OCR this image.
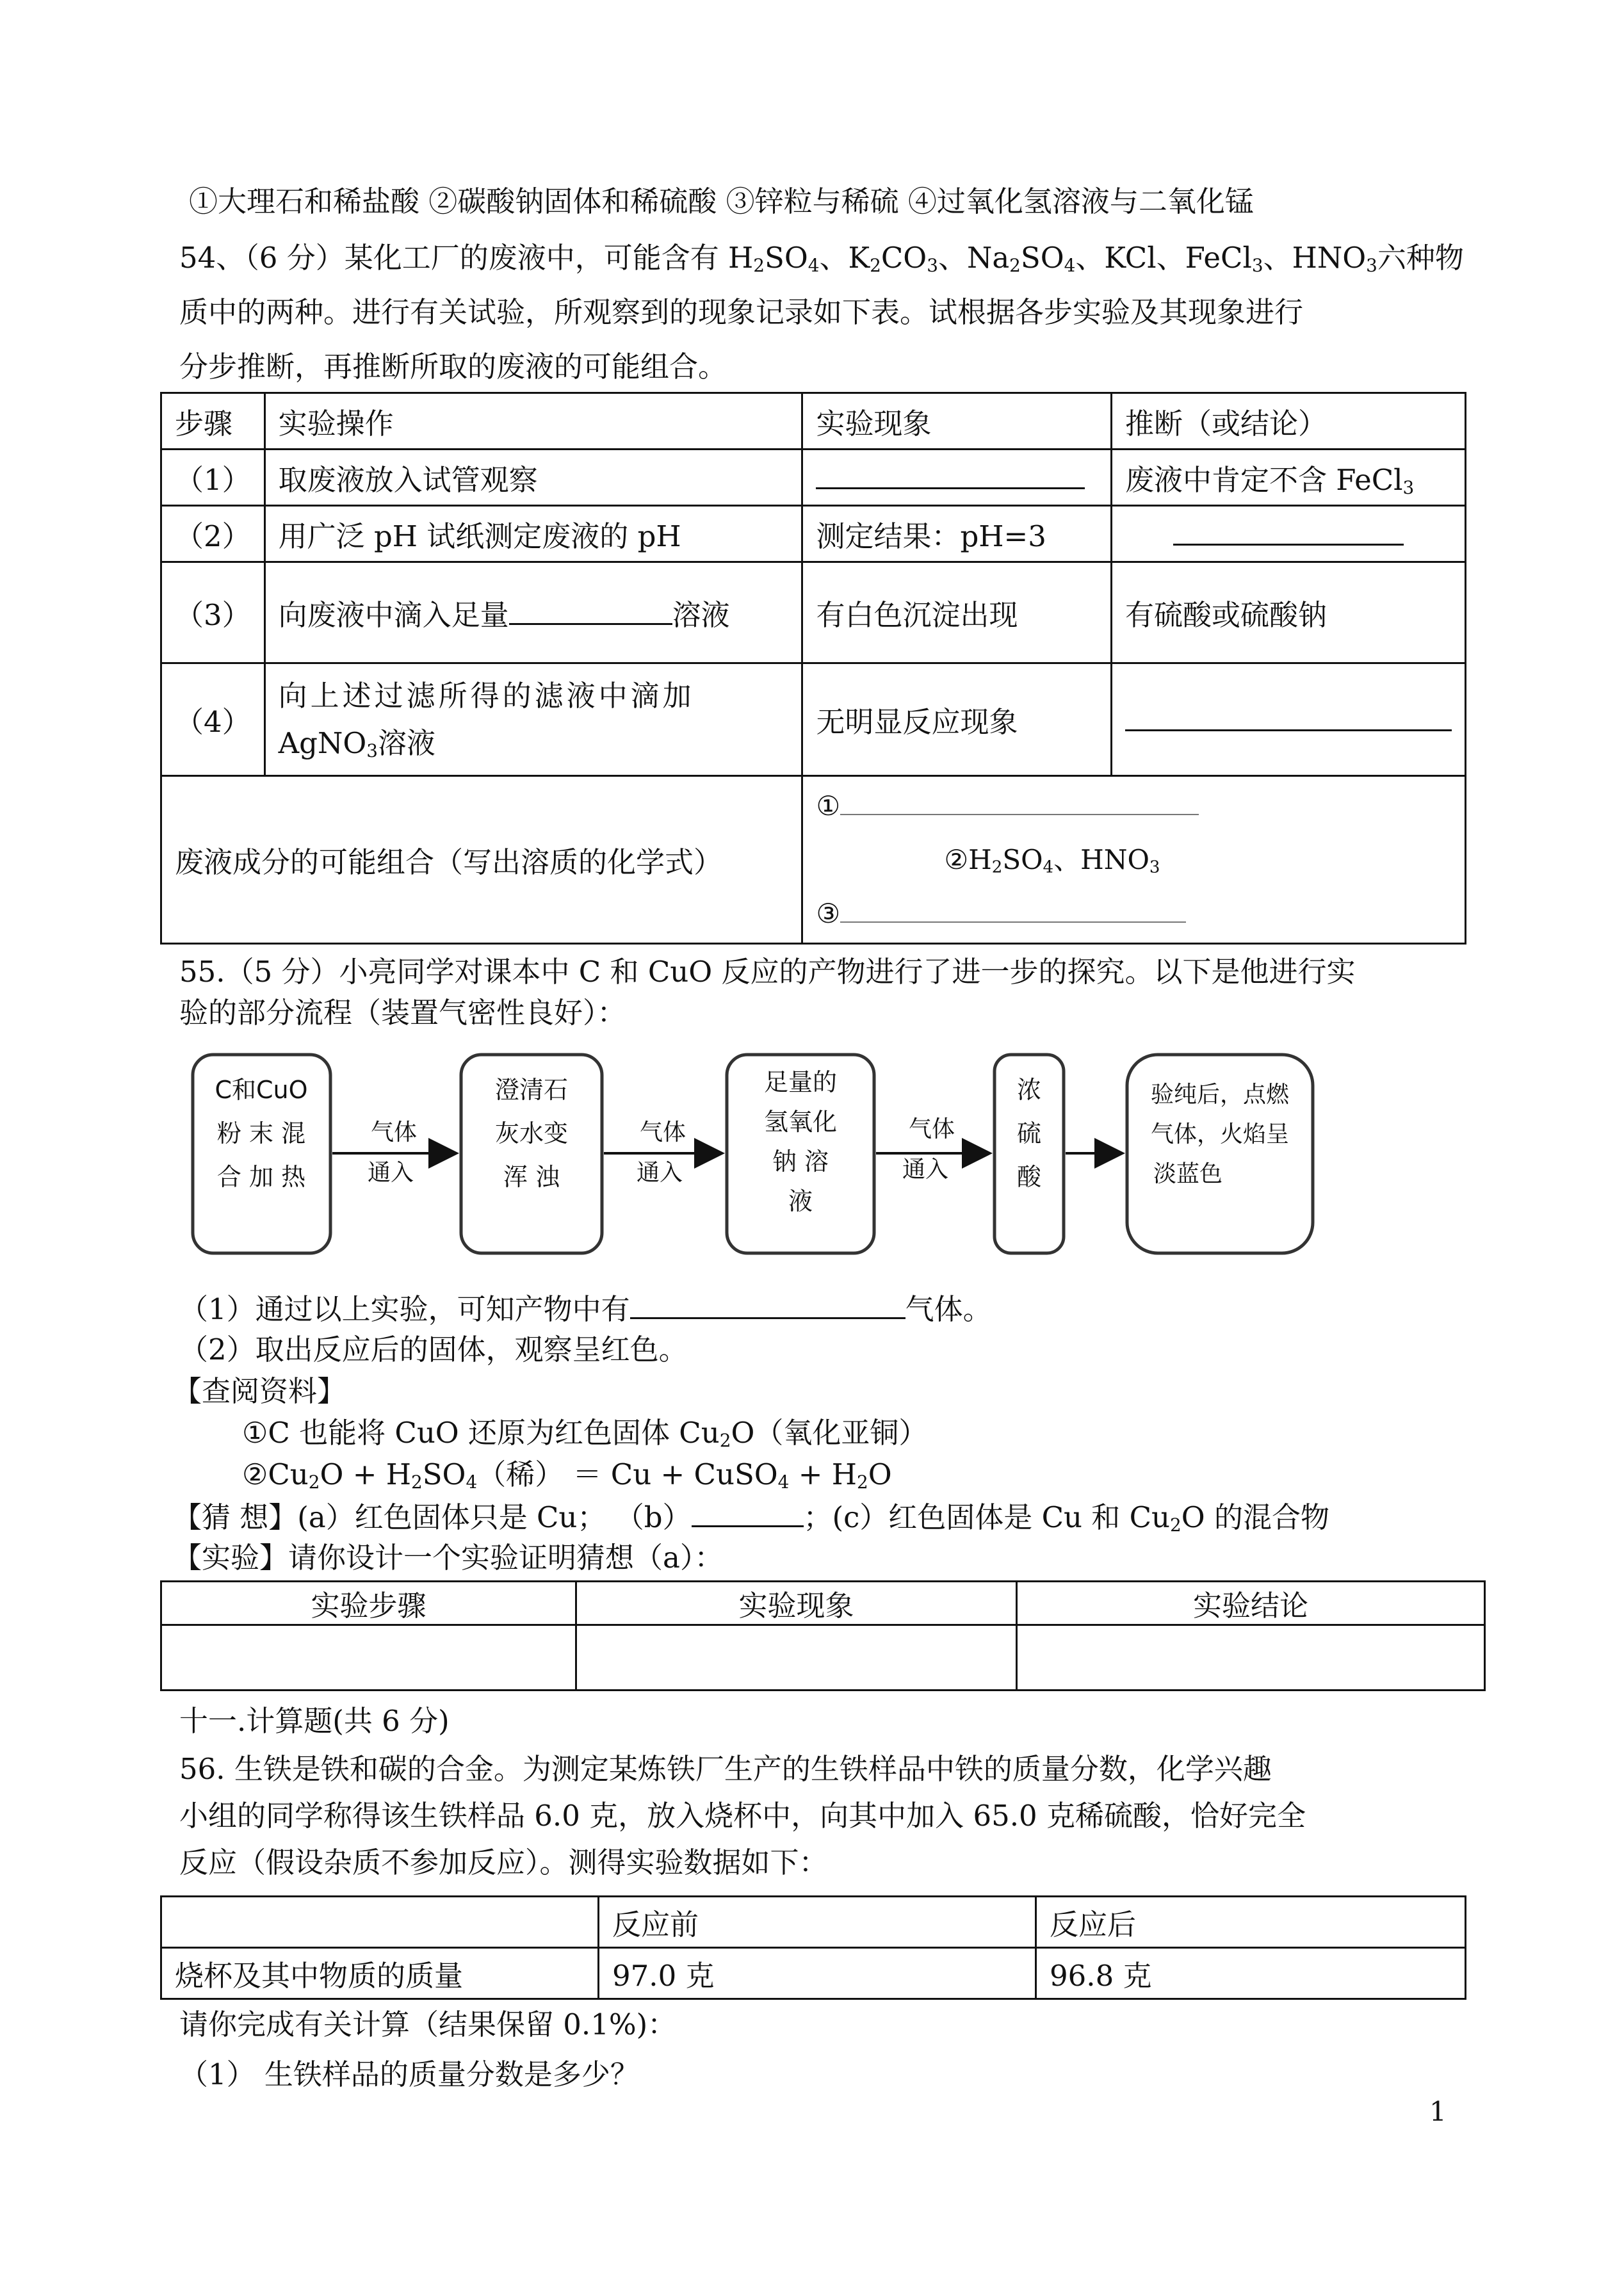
①大理石和稀盐酸 ②碳酸钠固体和稀硫酸 ③锌粒与稀硫 ④过氧化氢溶液与二氧化锰
54、（6 分）某化工厂的废液中，可能含有 $H_2SO_4$、$K_2CO_3$、$Na_2SO_4$、KCl、FeCl$_3$、$HNO_3$六种物
质中的两种。进行有关试验，所观察到的现象记录如下表。试根据各步实验及其现象进行
分步推断，再推断所取的废液的可能组合。
步骤	实验操作	实验现象	推断（或结论）
（1）	取废液放入试管观察		废液中肯定不含 FeCl$_3$
（2）	用广泛 pH 试纸测定废液的 pH	测定结果：pH=3	
（3）	向废液中滴入足量 溶液	有白色沉淀出现	有硫酸或硫酸钠
（4）	向上述过滤所得的滤液中滴加
AgNO$_3$溶液	无明显反应现象	
废液成分的可能组合（写出溶质的化学式）		①
$②H_2SO_4$、$HNO_3$
③	
55.（5 分）小亮同学对课本中 C 和 CuO 反应的产物进行了进一步的探究。以下是他进行实
验的部分流程（装置气密性良好）：
C和CuO
粉 末 混
合 加 热
澄清石
灰水变
浑 浊
足量的
氢氧化
钠 溶
液
浓
硫
酸
验纯后，点燃
气体，火焰呈
淡蓝色
气体
通入
气体
通入
气体
通入
（1）通过以上实验，可知产物中有	气体。
（2）取出反应后的固体，观察呈红色。
【查阅资料】
①C 也能将 CuO 还原为红色固体 $Cu_2O$（氧化亚铜）
$②Cu_2O + H_2SO_4$（稀） ＝ Cu + CuSO$_4$ + $H_2O$
【猜 想】(a）红色固体只是 Cu； （b）	；(c）红色固体是 Cu 和 $Cu_2O$ 的混合物
【实验】请你设计一个实验证明猜想（a）：
实验步骤	实验现象	实验结论

十一.计算题(共 6 分)
56. 生铁是铁和碳的合金。为测定某炼铁厂生产的生铁样品中铁的质量分数，化学兴趣
小组的同学称得该生铁样品 6.0 克，放入烧杯中，向其中加入 65.0 克稀硫酸，恰好完全
反应（假设杂质不参加反应）。测得实验数据如下：
	反应前	反应后
烧杯及其中物质的质量	97.0 克	96.8 克
请你完成有关计算（结果保留 0.1%)：
（1） 生铁样品的质量分数是多少？
1
